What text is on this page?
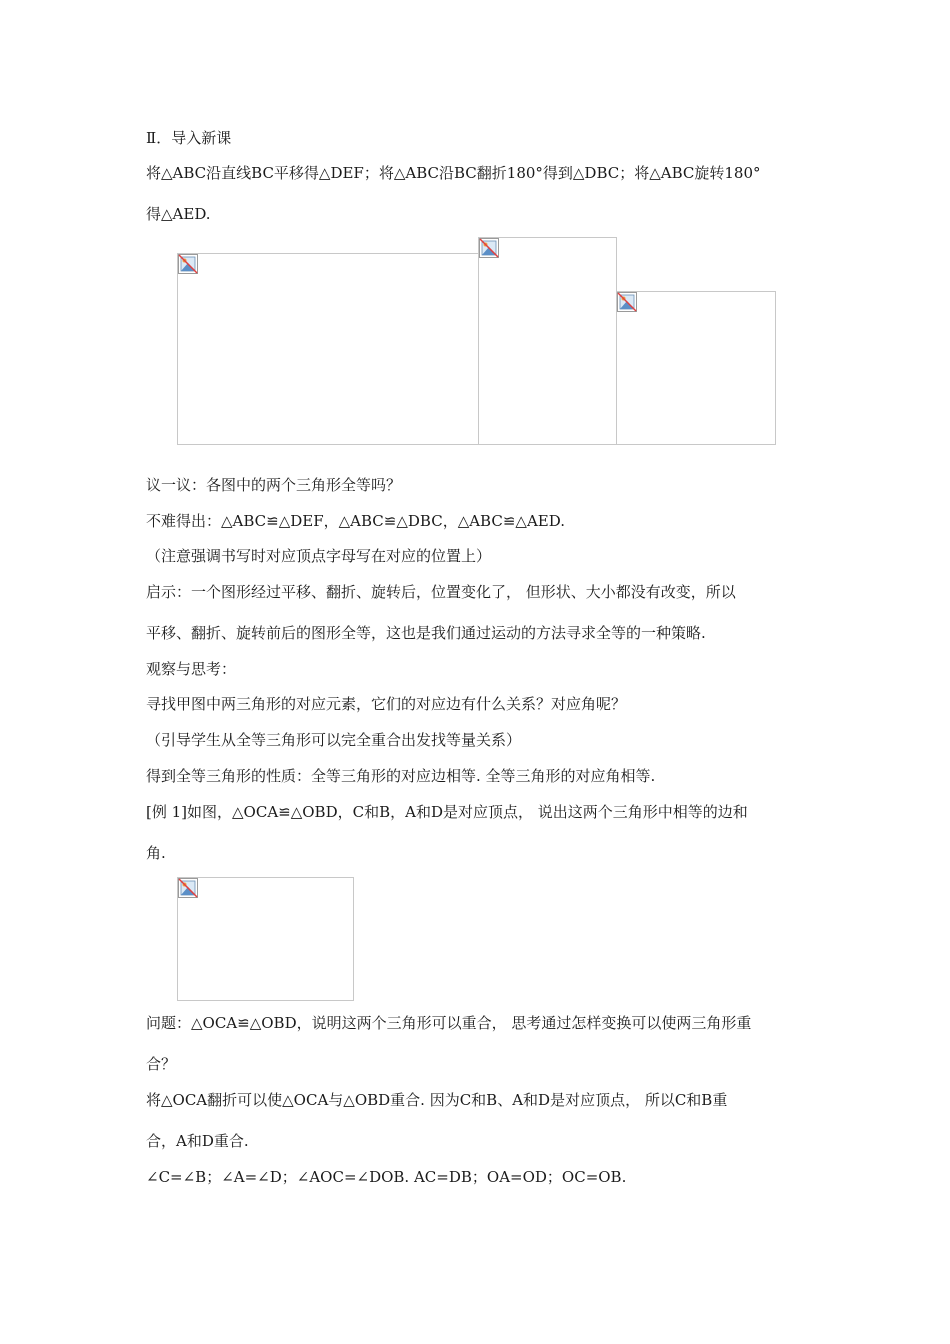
Ⅱ．导入新课
将△ABC沿直线BC平移得△DEF；将△ABC沿BC翻折180°得到△DBC；将△ABC旋转180°
得△AED.
议一议：各图中的两个三角形全等吗？
不难得出：△ABC≌△DEF，△ABC≌△DBC，△ABC≌△AED.
（注意强调书写时对应顶点字母写在对应的位置上）
启示：一个图形经过平移、翻折、旋转后，位置变化了， 但形状、大小都没有改变，所以
平移、翻折、旋转前后的图形全等，这也是我们通过运动的方法寻求全等的一种策略.
观察与思考：
寻找甲图中两三角形的对应元素，它们的对应边有什么关系？对应角呢？
（引导学生从全等三角形可以完全重合出发找等量关系）
得到全等三角形的性质：全等三角形的对应边相等. 全等三角形的对应角相等.
[例 1]如图，△OCA≌△OBD，C和B，A和D是对应顶点， 说出这两个三角形中相等的边和
角.
问题：△OCA≌△OBD，说明这两个三角形可以重合， 思考通过怎样变换可以使两三角形重
合？
将△OCA翻折可以使△OCA与△OBD重合. 因为C和B、A和D是对应顶点， 所以C和B重
合，A和D重合.
∠C=∠B；∠A=∠D；∠AOC=∠DOB. AC=DB；OA=OD；OC=OB.
